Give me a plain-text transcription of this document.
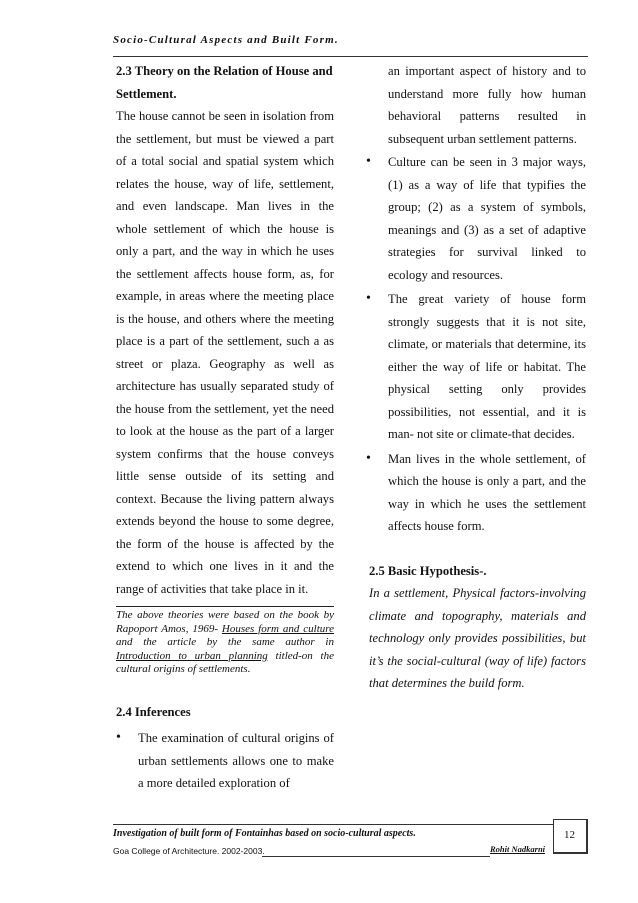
Socio-Cultural Aspects and Built Form.

2.3 Theory on the Relation of House and Settlement.

The house cannot be seen in isolation from the settlement, but must be viewed a part of a total social and spatial system which relates the house, way of life, settlement, and even landscape. Man lives in the whole settlement of which the house is only a part, and the way in which he uses the settlement affects house form, as, for example, in areas where the meeting place is the house, and others where the meeting place is a part of the settlement, such a as street or plaza. Geography as well as architecture has usually separated study of the house from the settlement, yet the need to look at the house as the part of a larger system confirms that the house conveys little sense outside of its setting and context. Because the living pattern always extends beyond the house to some degree, the form of the house is affected by the extend to which one lives in it and the range of activities that take place in it.

The above theories were based on the book by Rapoport Amos, 1969- Houses form and culture and the article by the same author in Introduction to urban planning titled-on the cultural origins of settlements.

2.4 Inferences

• The examination of cultural origins of urban settlements allows one to make a more detailed exploration of

an important aspect of history and to understand more fully how human behavioral patterns resulted in subsequent urban settlement patterns.

• Culture can be seen in 3 major ways, (1) as a way of life that typifies the group; (2) as a system of symbols, meanings and (3) as a set of adaptive strategies for survival linked to ecology and resources.
• The great variety of house form strongly suggests that it is not site, climate, or materials that determine, its either the way of life or habitat. The physical setting only provides possibilities, not essential, and it is man- not site or climate-that decides.
• Man lives in the whole settlement, of which the house is only a part, and the way in which he uses the settlement affects house form.

2.5 Basic Hypothesis-.

In a settlement, Physical factors-involving climate and topography, materials and technology only provides possibilities, but it’s the social-cultural (way of life) factors that determines the build form.

Investigation of built form of Fontainhas based on socio-cultural aspects.
Goa College of Architecture. 2002-2003.	Rohit Nadkarni
12
